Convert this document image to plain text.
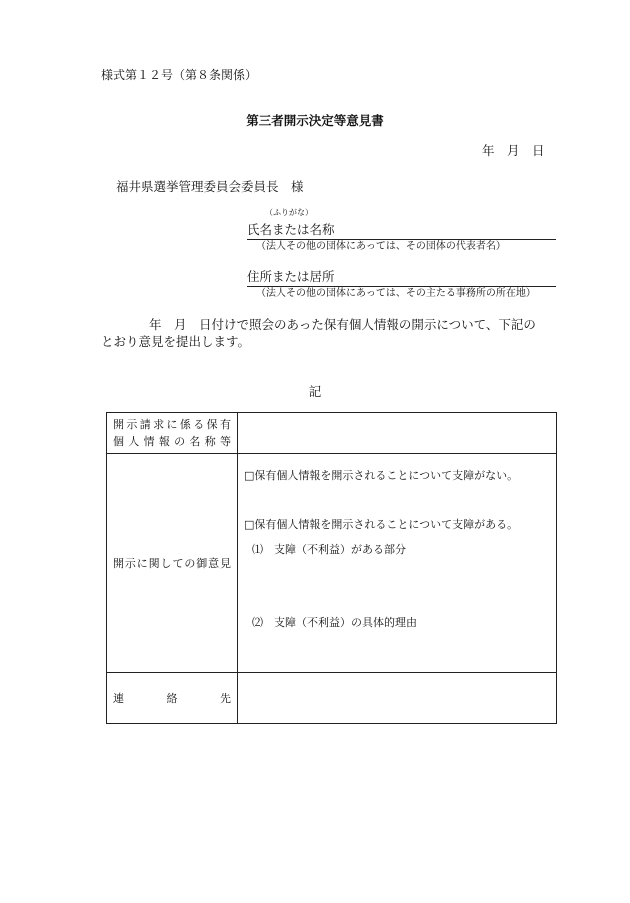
様式第１２号（第８条関係）
第三者開示決定等意見書
年　月　日
福井県選挙管理委員会委員長　様
（ふりがな）
氏名または名称
（法人その他の団体にあっては、その団体の代表者名）
住所または居所
（法人その他の団体にあっては、その主たる事務所の所在地）
年　月　日付けで照会のあった保有個人情報の開示について、下記の
とおり意見を提出します。
記
開示請求に係る保有
個人情報の名称等	

開示に関しての御意見	□保有個人情報を開示されることについて支障がない。
□保有個人情報を開示されることについて支障がある。
⑴　支障（不利益）がある部分
⑵　支障（不利益）の具体的理由

連絡先	
